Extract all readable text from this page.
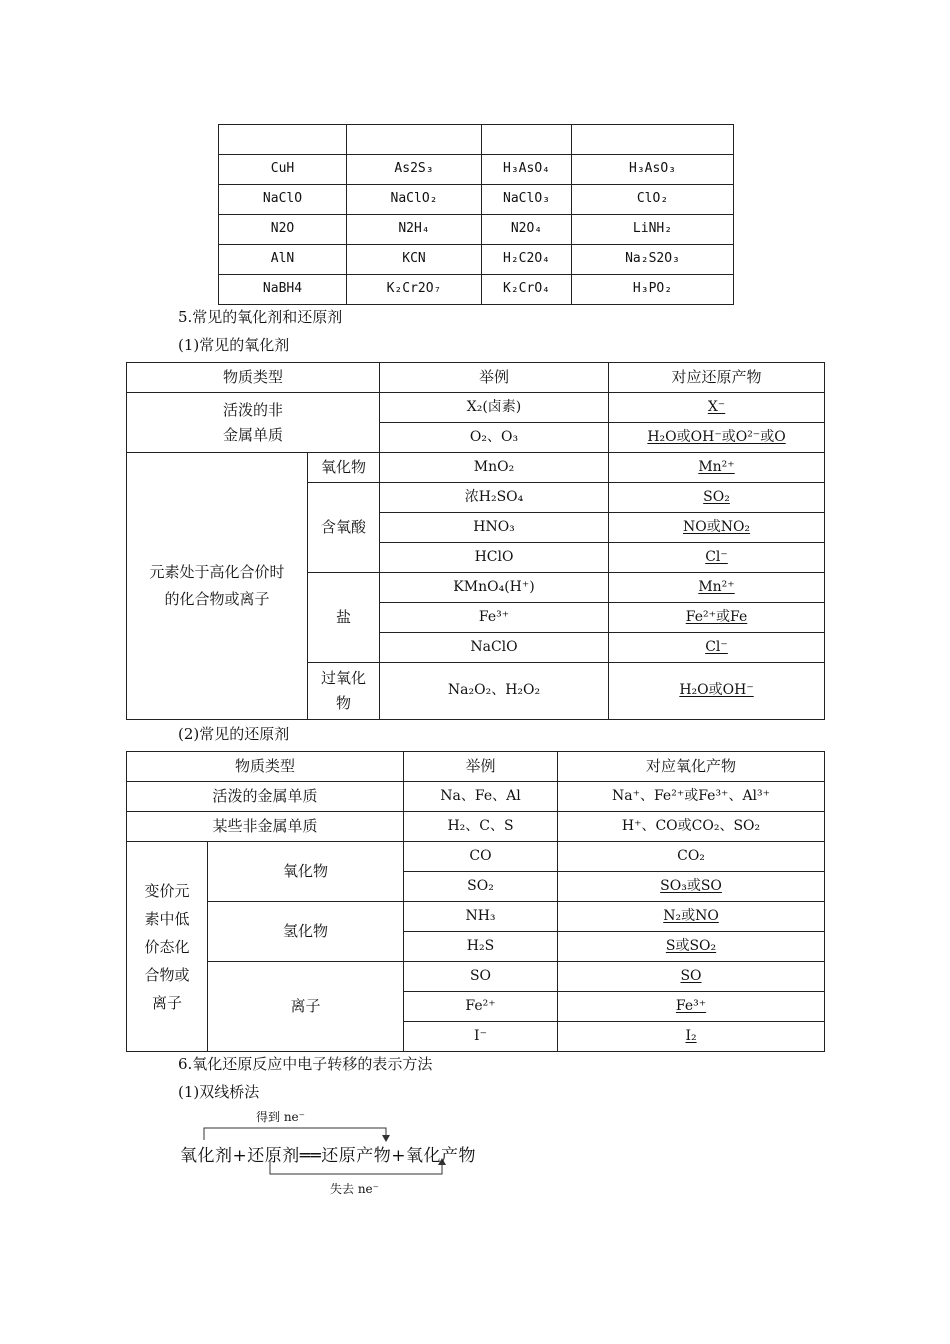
CuH	As2S₃	H₃AsO₄	H₃AsO₃
NaClO	NaClO₂	NaClO₃	ClO₂
N2O	N2H₄	N2O₄	LiNH₂
AlN	KCN	H₂C2O₄	Na₂S2O₃
NaBH4	K₂Cr2O₇	K₂CrO₄	H₃PO₂
5.常见的氧化剂和还原剂
(1)常见的氧化剂
物质类型		举例	对应还原产物

活泼的非
金属单质		X₂(卤素)	X⁻
		O₂、O₃	H₂O或OH⁻或O²⁻或O

元素处于高化合价时
的化合物或离子	氧化物	MnO₂	Mn²⁺
	含氧酸	浓H₂SO₄	SO₂
		HNO₃	NO或NO₂
		HClO	Cl⁻
	盐	KMnO₄(H⁺)	Mn²⁺
		Fe³⁺	Fe²⁺或Fe
		NaClO	Cl⁻

	过氧化
物	Na₂O₂、H₂O₂	H₂O或OH⁻
(2)常见的还原剂
物质类型		举例	对应氧化产物
活泼的金属单质		Na、Fe、Al	Na⁺、Fe²⁺或Fe³⁺、Al³⁺
某些非金属单质		H₂、C、S	H⁺、CO或CO₂、SO₂

变价元
素中低
价态化
合物或
离子	氧化物	CO	CO₂
		SO₂	SO₃或SO
	氢化物	NH₃	N₂或NO
		H₂S	S或SO₂
	离子	SO	SO
		Fe²⁺	Fe³⁺
		I⁻	I₂
6.氧化还原反应中电子转移的表示方法
(1)双线桥法
得到 ne⁻
氧化剂+还原剂══还原产物+氧化产物
失去 ne⁻
